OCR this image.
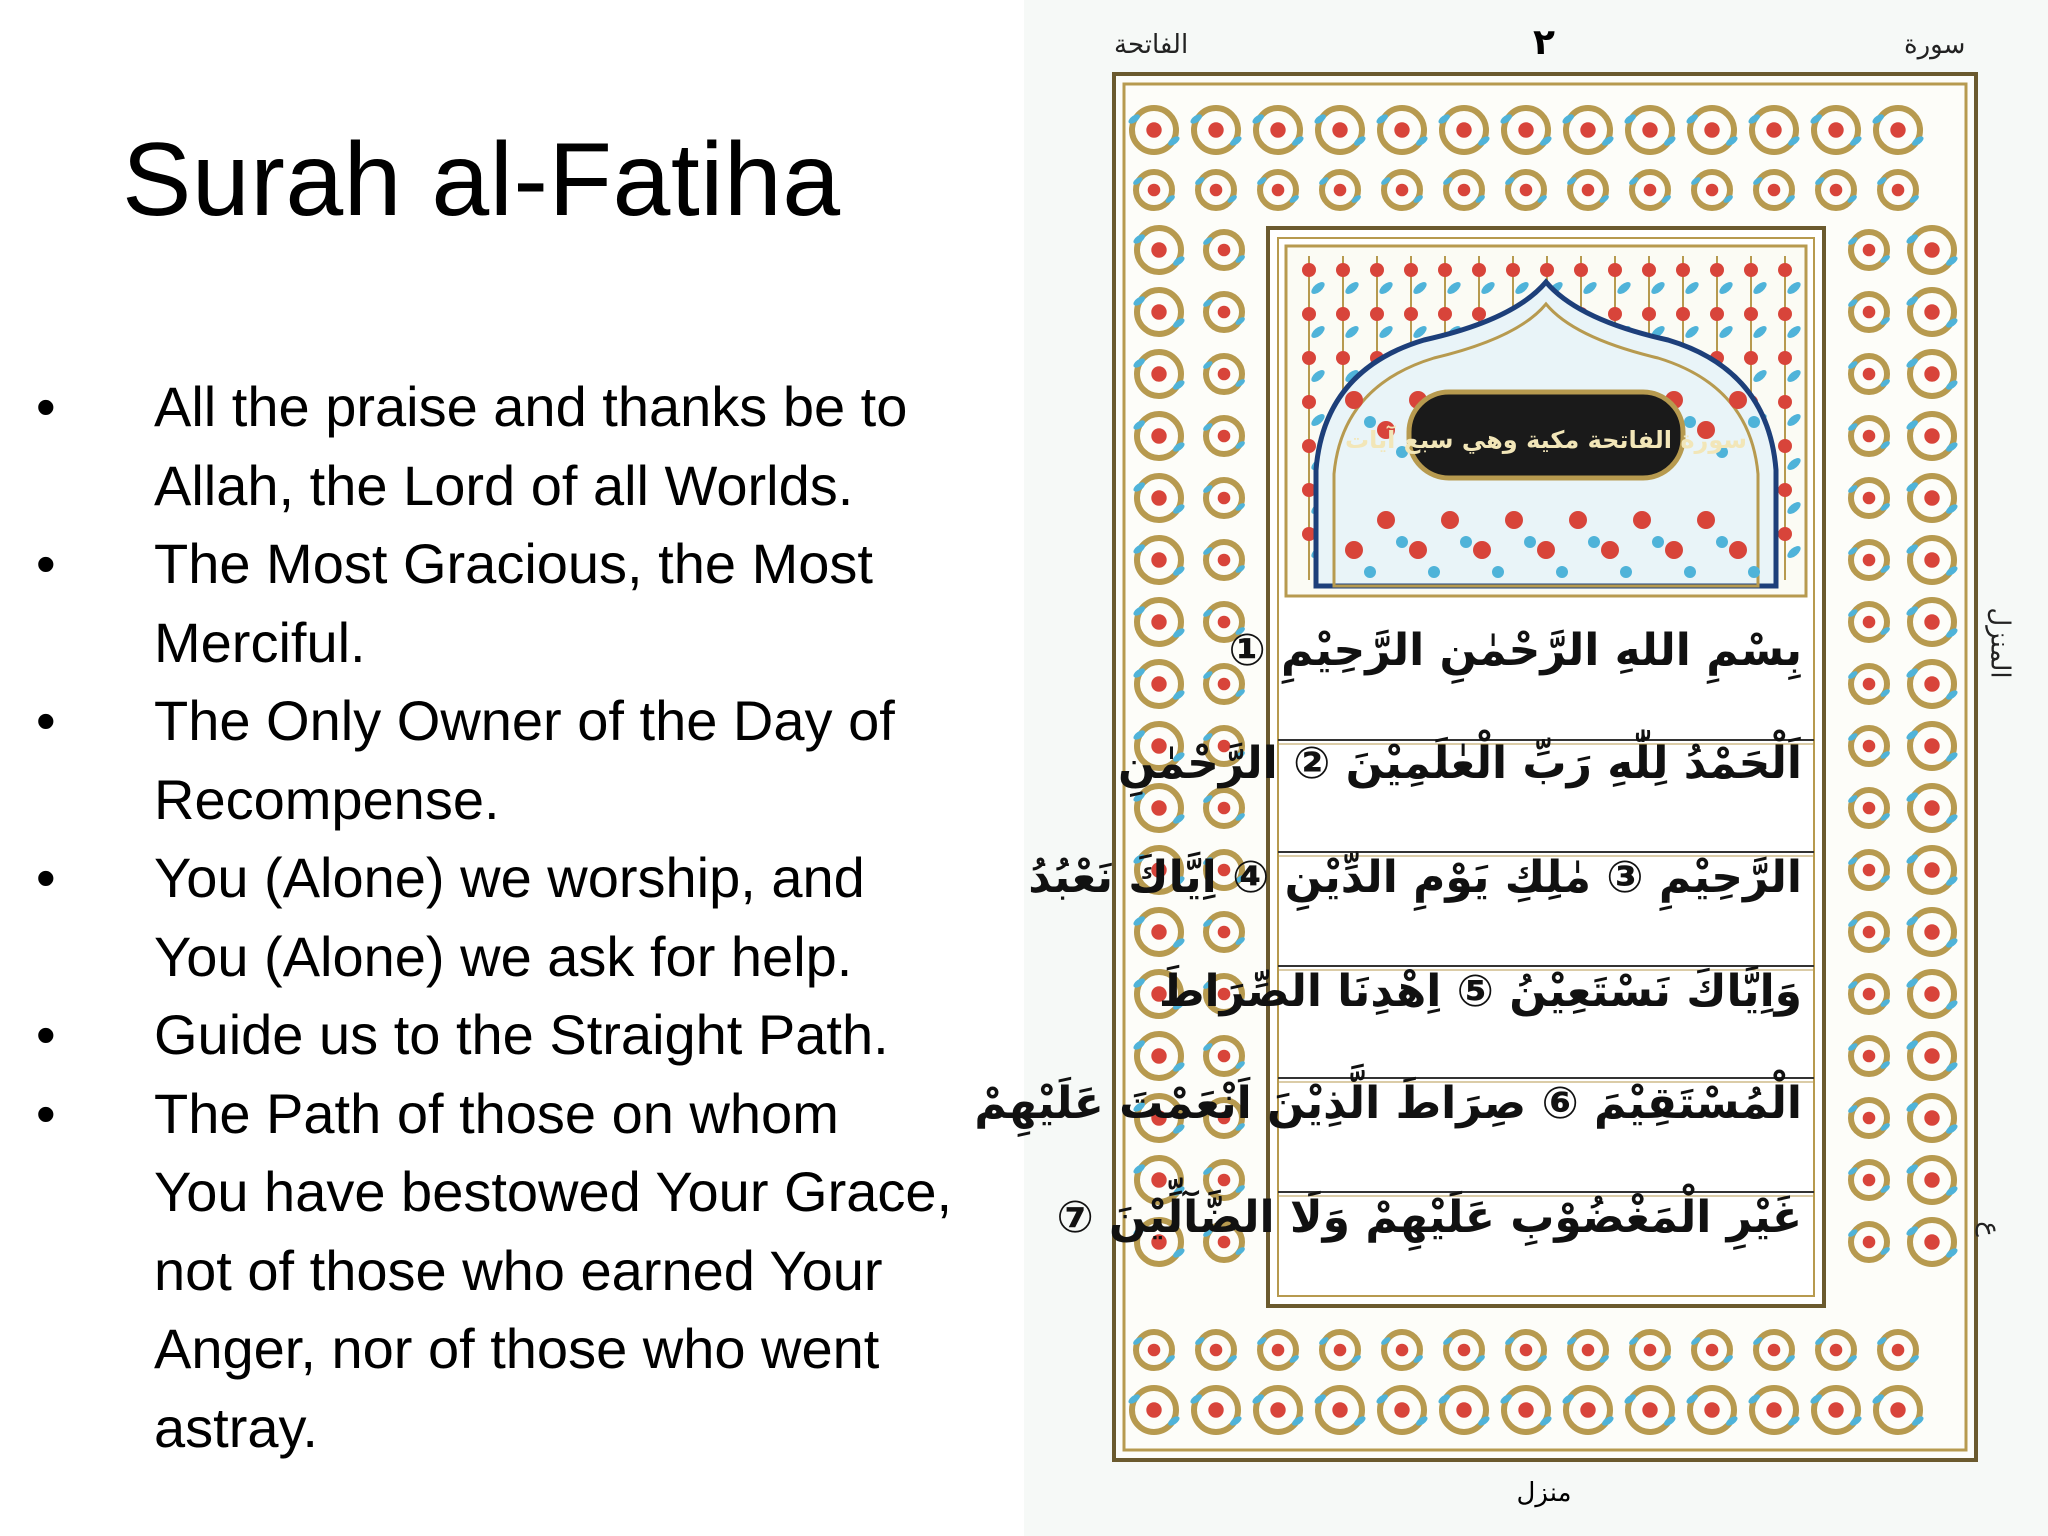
Surah al-Fatiha
• All the praise and thanks be to
Allah, the Lord of all Worlds.
• The Most Gracious, the Most
Merciful.
• The Only Owner of the Day of
Recompense.
• You (Alone) we worship, and
You (Alone) we ask for help.
• Guide us to the Straight Path.
• The Path of those on whom
You have bestowed Your Grace,
not of those who earned Your
Anger, nor of those who went
astray.
سورة الفاتحة مكية وهي سبع آيات
سورة
٢
الفاتحة
المنزل
ع
بِسْمِ اللهِ الرَّحْمٰنِ الرَّحِيْمِ ①
اَلْحَمْدُ لِلّٰهِ رَبِّ الْعٰلَمِيْنَ ② الرَّحْمٰنِ
الرَّحِيْمِ ③ مٰلِكِ يَوْمِ الدِّيْنِ ④ اِيَّاكَ نَعْبُدُ
وَاِيَّاكَ نَسْتَعِيْنُ ⑤ اِهْدِنَا الصِّرَاطَ
الْمُسْتَقِيْمَ ⑥ صِرَاطَ الَّذِيْنَ اَنْعَمْتَ عَلَيْهِمْ
غَيْرِ الْمَغْضُوْبِ عَلَيْهِمْ وَلَا الضَّآلِّيْنَ ⑦
منزل
